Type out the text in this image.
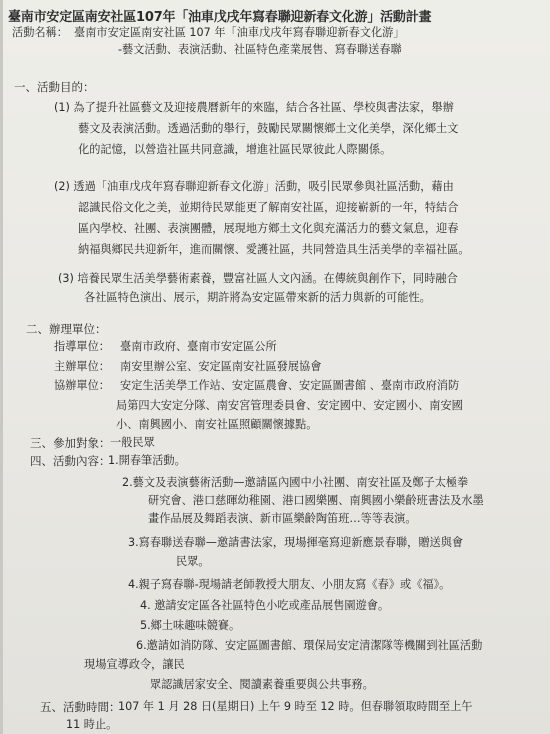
臺南市安定區南安社區107年「油車戊戌年寫春聯迎新春文化游」活動計畫
活動名稱： 臺南市安定區南安社區 107 年「油車戊戌年寫春聯迎新春文化游」
-藝文活動、表演活動、社區特色產業展售、寫春聯送春聯
一、活動目的：
(1) 為了提升社區藝文及迎接農曆新年的來臨，結合各社區、學校與書法家，舉辦
藝文及表演活動。透過活動的舉行，鼓勵民眾關懷鄉土文化美學，深化鄉土文
化的記憶，以營造社區共同意識，增進社區民眾彼此人際關係。
(2) 透過「油車戊戌年寫春聯迎新春文化游」活動，吸引民眾參與社區活動，藉由
認識民俗文化之美，並期待民眾能更了解南安社區，迎接嶄新的一年，特結合
區內學校、社團、表演團體，展現地方鄉土文化與充滿活力的藝文氣息，迎春
納福與鄉民共迎新年，進而關懷、愛護社區，共同營造具生活美學的幸福社區。
(3) 培養民眾生活美學藝術素養，豐富社區人文內涵。在傳統與創作下，同時融合
各社區特色演出、展示，期許將為安定區帶來新的活力與新的可能性。
二、辦理單位：
指導單位： 臺南市政府、臺南市安定區公所
主辦單位： 南安里辦公室、安定區南安社區發展協會
協辦單位： 安定生活美學工作站、安定區農會、安定區圖書館 、臺南市政府消防
局第四大安定分隊、南安宮管理委員會、安定國中、安定國小、南安國
小、南興國小、南安社區照顧關懷據點。
三、參加對象： 一般民眾
四、活動內容：
1.開春筆活動。
2.藝文及表演藝術活動—邀請區內國中小社團、南安社區及鄭子太極拳
研究會、港口慈暉幼稚園、港口國樂團、南興國小樂齡班書法及水墨
畫作品展及舞蹈表演、新市區樂齡陶笛班…等等表演。
3.寫春聯送春聯—邀請書法家，現場揮毫寫迎新應景春聯，贈送與會
民眾。
4.親子寫春聯-現場請老師教授大朋友、小朋友寫《春》或《福》。
4. 邀請安定區各社區特色小吃或產品展售園遊會。
5.鄉土味趣味競賽。
6.邀請如消防隊、安定區圖書館、環保局安定清潔隊等機關到社區活動
現場宣導政令，讓民
眾認識居家安全、閱讀素養重要與公共事務。
五、活動時間：
107 年 1 月 28 日(星期日) 上午 9 時至 12 時。但春聯領取時間至上午
11 時止。
